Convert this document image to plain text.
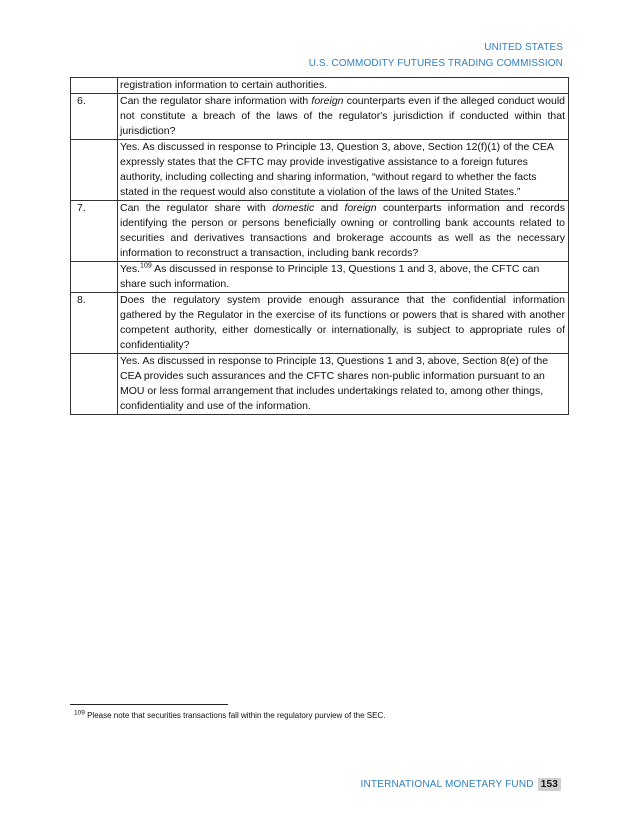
UNITED STATES
U.S. COMMODITY FUTURES TRADING COMMISSION
	registration information to certain authorities.
6.	Can the regulator share information with foreign counterparts even if the alleged conduct would not constitute a breach of the laws of the regulator's jurisdiction if conducted within that jurisdiction?
	Yes. As discussed in response to Principle 13, Question 3, above, Section 12(f)(1) of the CEA expressly states that the CFTC may provide investigative assistance to a foreign futures authority, including collecting and sharing information, “without regard to whether the facts stated in the request would also constitute a violation of the laws of the United States.”
7.	Can the regulator share with domestic and foreign counterparts information and records identifying the person or persons beneficially owning or controlling bank accounts related to securities and derivatives transactions and brokerage accounts as well as the necessary information to reconstruct a transaction, including bank records?
	Yes.$^{109}$ As discussed in response to Principle 13, Questions 1 and 3, above, the CFTC can share such information.
8.	Does the regulatory system provide enough assurance that the confidential information gathered by the Regulator in the exercise of its functions or powers that is shared with another competent authority, either domestically or internationally, is subject to appropriate rules of confidentiality?
	Yes. As discussed in response to Principle 13, Questions 1 and 3, above, Section 8(e) of the CEA provides such assurances and the CFTC shares non-public information pursuant to an MOU or less formal arrangement that includes undertakings related to, among other things, confidentiality and use of the information.
$^{109}$ Please note that securities transactions fall within the regulatory purview of the SEC.
INTERNATIONAL MONETARY FUND 153
